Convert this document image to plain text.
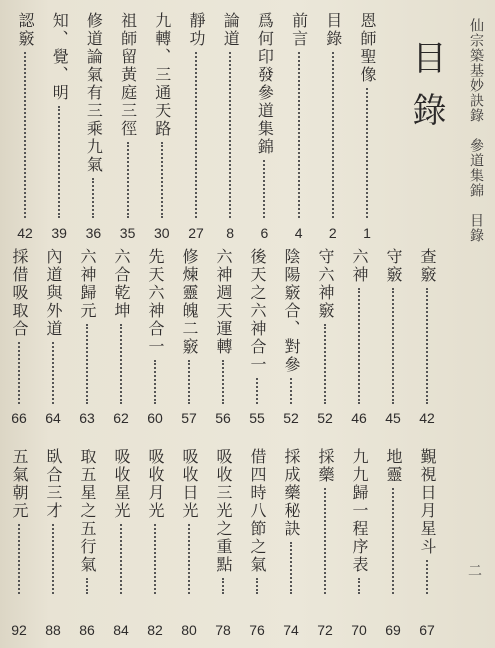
仙宗築基妙訣錄　參道集錦　目錄
目錄
二
恩師聖像
1
目錄
2
前言
4
爲何印發參道集錦
6
論道
8
靜功
27
九轉、三通天路
30
祖師留黃庭三徑
35
修道論氣有三乘九氣
36
知、覺、明
39
認竅
42
查竅
42
守竅
45
六神
46
守六神竅
52
陰陽竅合、對參
52
後天之六神合一
55
六神週天運轉
56
修煉靈魄二竅
57
先天六神合一
60
六合乾坤
62
六神歸元
63
內道與外道
64
採借吸取合
66
覲視日月星斗
67
地靈
69
九九歸一程序表
70
採藥
72
採成藥秘訣
74
借四時八節之氣
76
吸收三光之重點
78
吸收日光
80
吸收月光
82
吸收星光
84
取五星之五行氣
86
臥合三才
88
五氣朝元
92
